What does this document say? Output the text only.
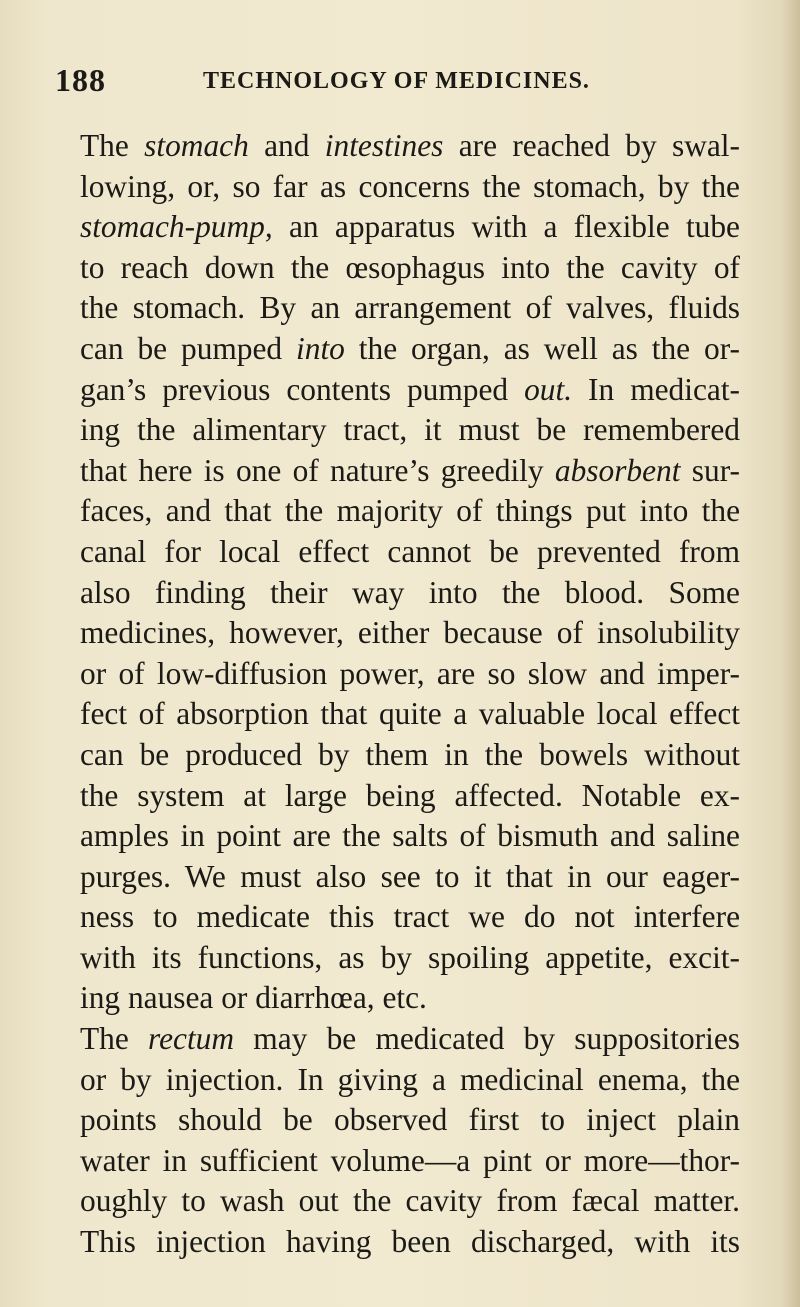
188	TECHNOLOGY OF MEDICINES.
The stomach and intestines are reached by swal-
lowing, or, so far as concerns the stomach, by the
stomach-pump, an apparatus with a flexible tube
to reach down the œsophagus into the cavity of
the stomach. By an arrangement of valves, fluids
can be pumped into the organ, as well as the or-
gan’s previous contents pumped out. In medicat-
ing the alimentary tract, it must be remembered
that here is one of nature’s greedily absorbent sur-
faces, and that the majority of things put into the
canal for local effect cannot be prevented from
also finding their way into the blood. Some
medicines, however, either because of insolubility
or of low-diffusion power, are so slow and imper-
fect of absorption that quite a valuable local effect
can be produced by them in the bowels without
the system at large being affected. Notable ex-
amples in point are the salts of bismuth and saline
purges. We must also see to it that in our eager-
ness to medicate this tract we do not interfere
with its functions, as by spoiling appetite, excit-
ing nausea or diarrhœa, etc.
The rectum may be medicated by suppositories
or by injection. In giving a medicinal enema, the
points should be observed first to inject plain
water in sufficient volume—a pint or more—thor-
oughly to wash out the cavity from fæcal matter.
This injection having been discharged, with its
